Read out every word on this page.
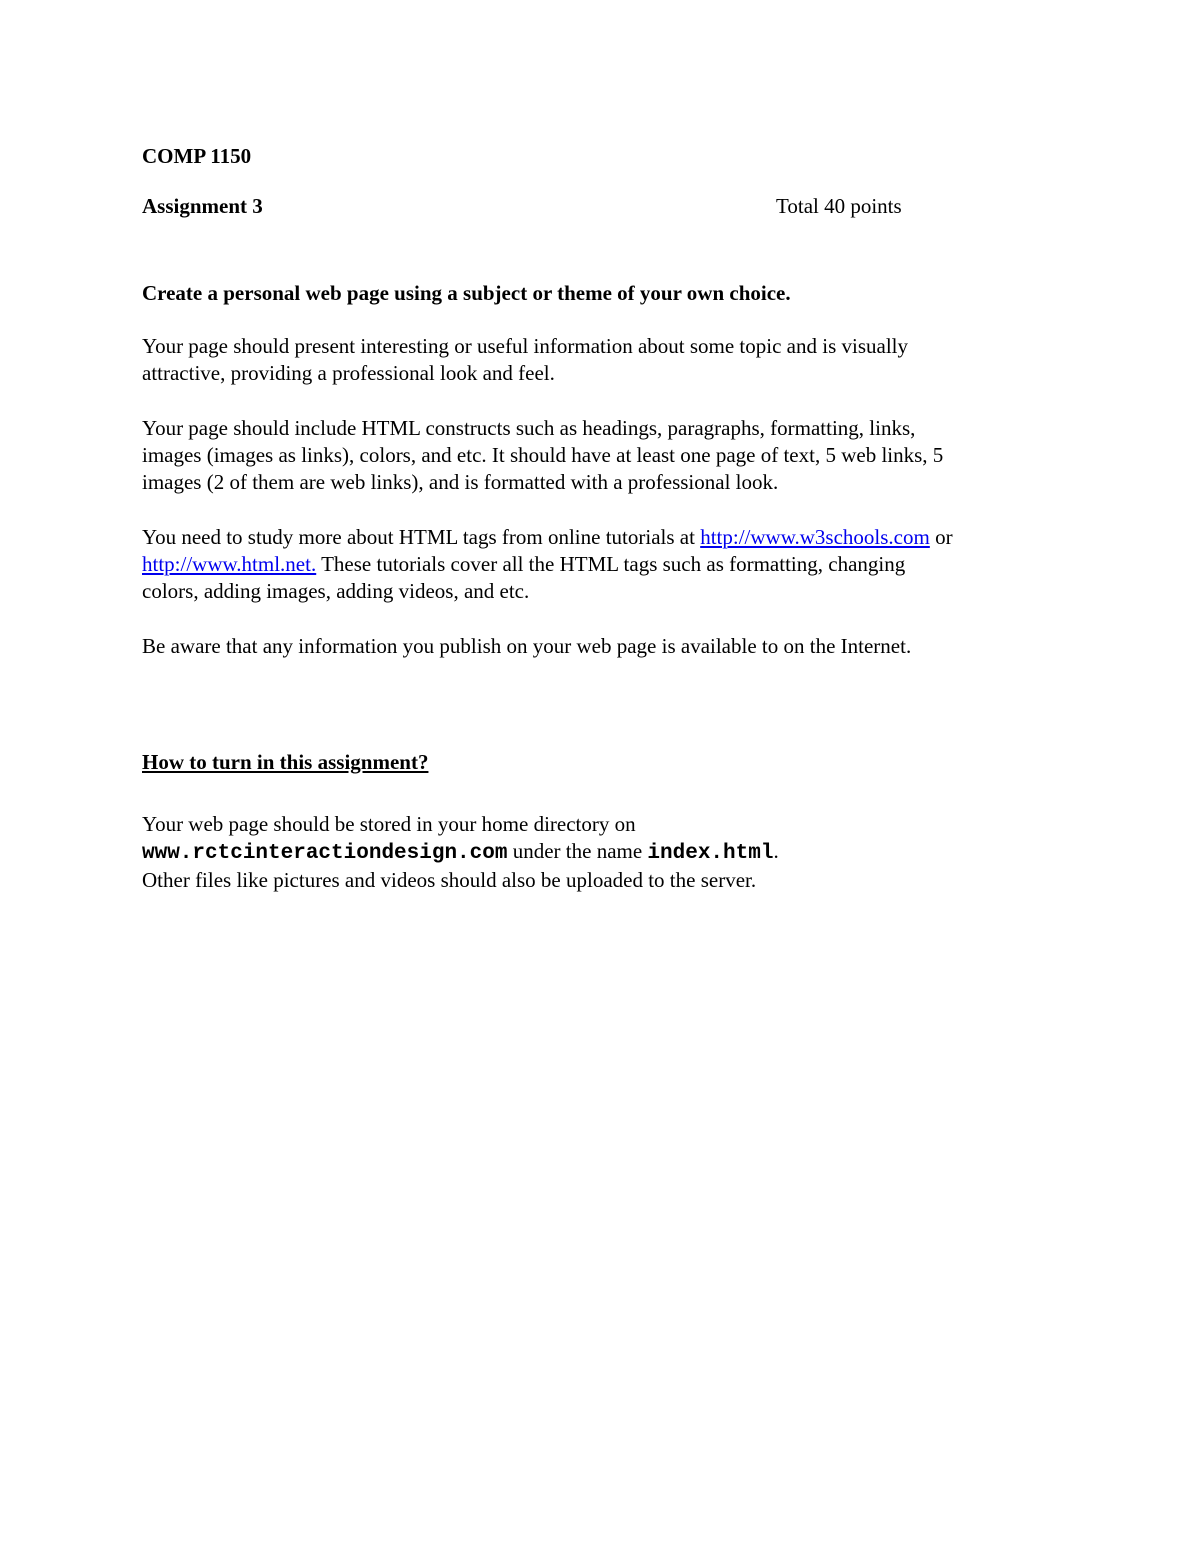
COMP 1150
Assignment 3	Total 40 points
Create a personal web page using a subject or theme of your own choice.
Your page should present interesting or useful information about some topic and is visually
attractive, providing a professional look and feel.
Your page should include HTML constructs such as headings, paragraphs, formatting, links,
images (images as links), colors, and etc. It should have at least one page of text, 5 web links, 5
images (2 of them are web links), and is formatted with a professional look.
You need to study more about HTML tags from online tutorials at http://www.w3schools.com or
http://www.html.net. These tutorials cover all the HTML tags such as formatting, changing
colors, adding images, adding videos, and etc.
Be aware that any information you publish on your web page is available to on the Internet.
How to turn in this assignment?
Your web page should be stored in your home directory on
www.rctcinteractiondesign.com under the name index.html.
Other files like pictures and videos should also be uploaded to the server.
